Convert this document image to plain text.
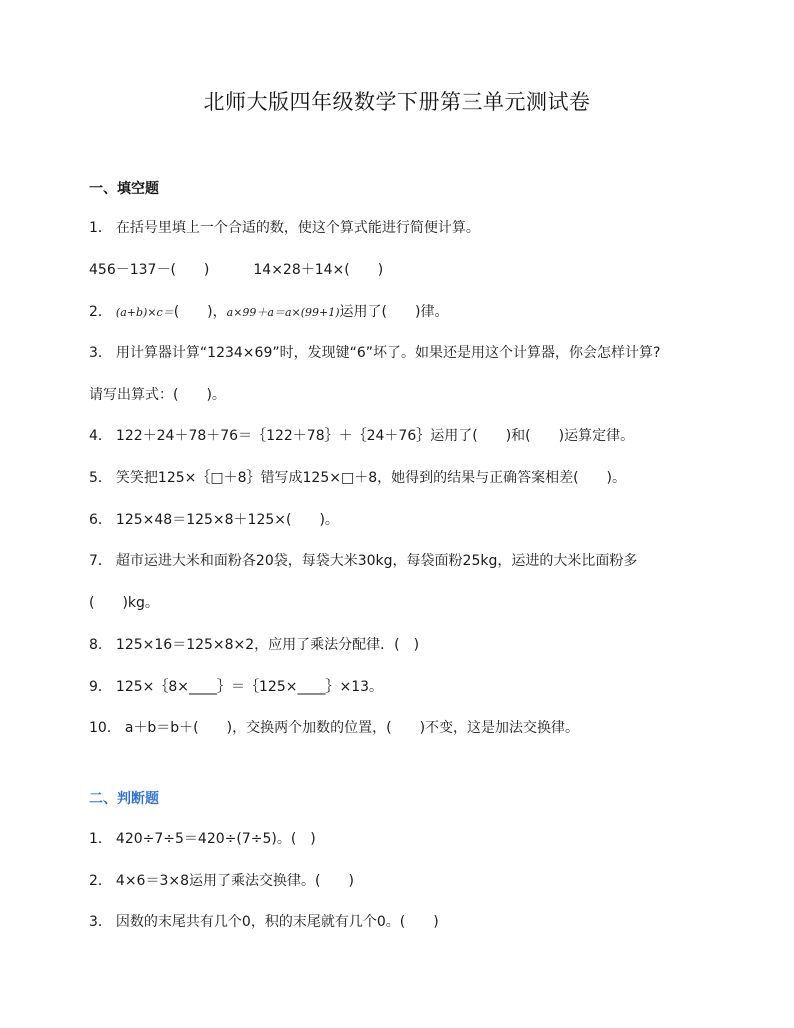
北师大版四年级数学下册第三单元测试卷
一、填空题
1． 在括号里填上一个合适的数，使这个算式能进行简便计算。
456－137－(　　)	14×28＋14×(　　)
2． (a+b)×c＝(　　)，a×99＋a＝a×(99+1)运用了(　　)律。
3． 用计算器计算“1234×69”时，发现键“6”坏了。如果还是用这个计算器，你会怎样计算?
请写出算式：(　　)。
4． 122＋24＋78＋76＝｛122＋78｝＋｛24＋76｝运用了(　　)和(　　)运算定律。
5． 笑笑把125×｛□＋8｝错写成125×□＋8，她得到的结果与正确答案相差(　　)。
6． 125×48＝125×8＋125×(　　)。
7． 超市运进大米和面粉各20袋，每袋大米30kg，每袋面粉25kg，运进的大米比面粉多
(　　)kg。
8． 125×16＝125×8×2，应用了乘法分配律．(　)
9． 125×｛8×____｝＝｛125×____｝×13。
10． a＋b＝b＋(　　)，交换两个加数的位置，(　　)不变，这是加法交换律。
二、判断题
1． 420÷7÷5＝420÷(7÷5)。(　)
2． 4×6＝3×8运用了乘法交换律。(　　)
3． 因数的末尾共有几个0，积的末尾就有几个0。(　　)
